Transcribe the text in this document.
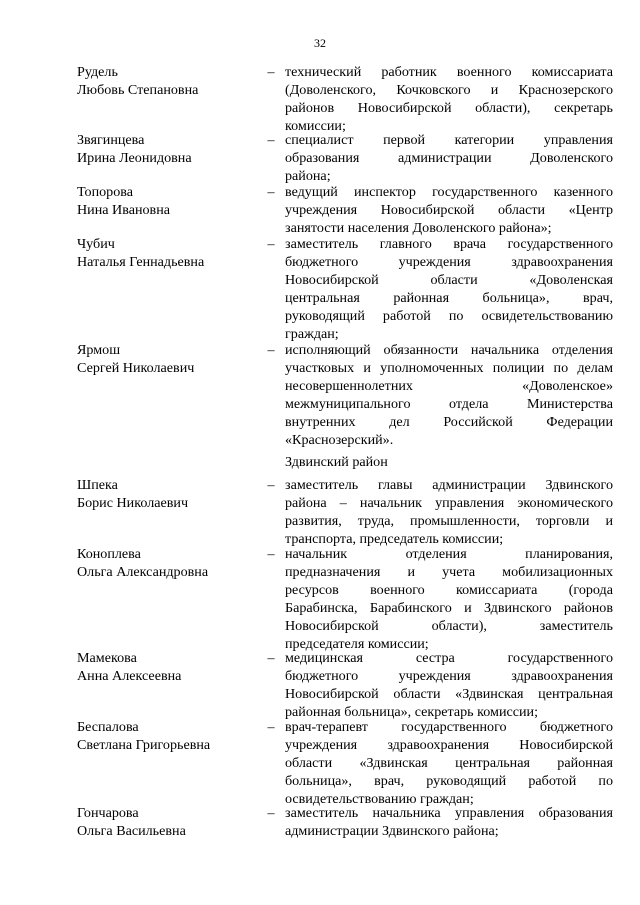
32
Рудель
Любовь Степановна
– технический работник военного комиссариата
(Доволенского, Кочковского и Краснозерского
районов Новосибирской области), секретарь
комиссии;
Звягинцева
Ирина Леонидовна
– специалист первой категории управления
образования администрации Доволенского
района;
Топорова
Нина Ивановна
– ведущий инспектор государственного казенного
учреждения Новосибирской области «Центр
занятости населения Доволенского района»;
Чубич
Наталья Геннадьевна
– заместитель главного врача государственного
бюджетного учреждения здравоохранения
Новосибирской области «Доволенская
центральная районная больница», врач,
руководящий работой по освидетельствованию
граждан;
Ярмош
Сергей Николаевич
– исполняющий обязанности начальника отделения
участковых и уполномоченных полиции по делам
несовершеннолетних «Доволенское»
межмуниципального отдела Министерства
внутренних дел Российской Федерации
«Краснозерский».
Здвинский район
Шпека
Борис Николаевич
– заместитель главы администрации Здвинского
района – начальник управления экономического
развития, труда, промышленности, торговли и
транспорта, председатель комиссии;
Коноплева
Ольга Александровна
– начальник отделения планирования,
предназначения и учета мобилизационных
ресурсов военного комиссариата (города
Барабинска, Барабинского и Здвинского районов
Новосибирской области), заместитель
председателя комиссии;
Мамекова
Анна Алексеевна
– медицинская сестра государственного
бюджетного учреждения здравоохранения
Новосибирской области «Здвинская центральная
районная больница», секретарь комиссии;
Беспалова
Светлана Григорьевна
– врач-терапевт государственного бюджетного
учреждения здравоохранения Новосибирской
области «Здвинская центральная районная
больница», врач, руководящий работой по
освидетельствованию граждан;
Гончарова
Ольга Васильевна
– заместитель начальника управления образования
администрации Здвинского района;
